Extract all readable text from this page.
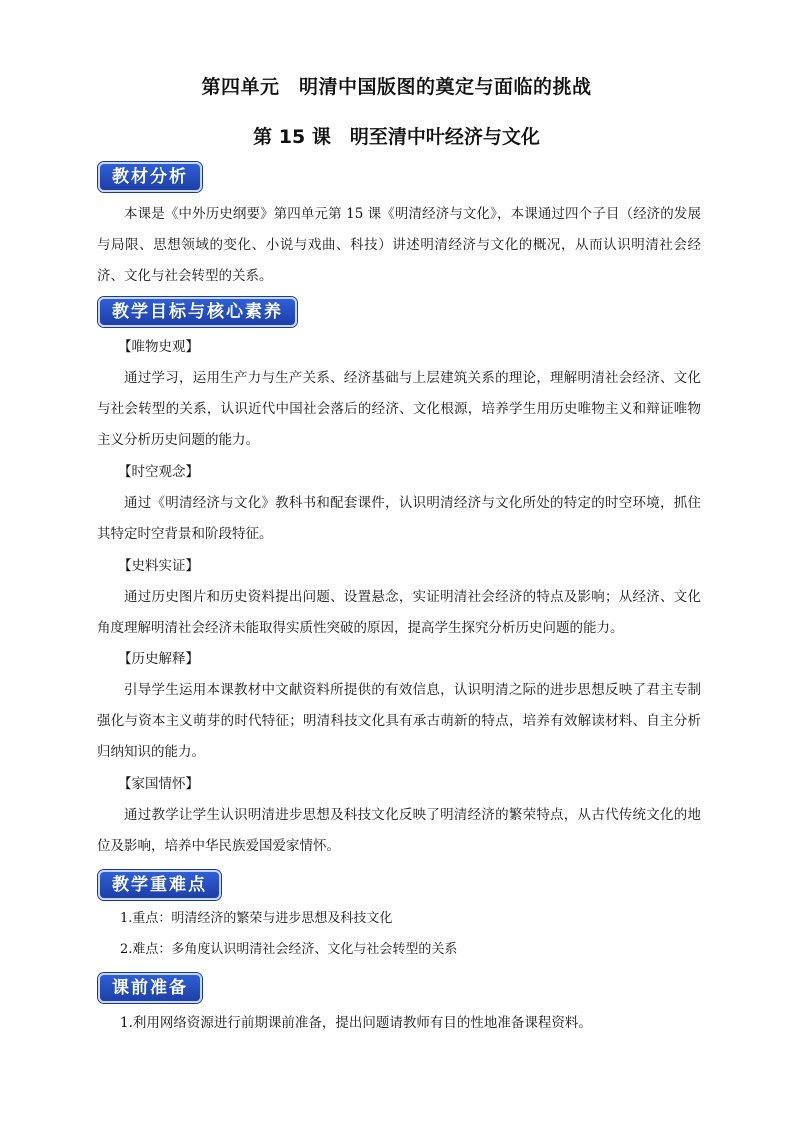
第四单元　明清中国版图的奠定与面临的挑战
第 15 课　明至清中叶经济与文化
教材分析
本课是《中外历史纲要》第四单元第 15 课《明清经济与文化》，本课通过四个子目（经济的发展与局限、思想领域的变化、小说与戏曲、科技）讲述明清经济与文化的概况，从而认识明清社会经济、文化与社会转型的关系。
教学目标与核心素养
【唯物史观】
通过学习，运用生产力与生产关系、经济基础与上层建筑关系的理论，理解明清社会经济、文化与社会转型的关系，认识近代中国社会落后的经济、文化根源，培养学生用历史唯物主义和辩证唯物主义分析历史问题的能力。
【时空观念】
通过《明清经济与文化》教科书和配套课件，认识明清经济与文化所处的特定的时空环境，抓住其特定时空背景和阶段特征。
【史料实证】
通过历史图片和历史资料提出问题、设置悬念，实证明清社会经济的特点及影响；从经济、文化角度理解明清社会经济未能取得实质性突破的原因，提高学生探究分析历史问题的能力。
【历史解释】
引导学生运用本课教材中文献资料所提供的有效信息，认识明清之际的进步思想反映了君主专制强化与资本主义萌芽的时代特征；明清科技文化具有承古萌新的特点，培养有效解读材料、自主分析归纳知识的能力。
【家国情怀】
通过教学让学生认识明清进步思想及科技文化反映了明清经济的繁荣特点，从古代传统文化的地位及影响，培养中华民族爱国爱家情怀。
教学重难点
1.重点：明清经济的繁荣与进步思想及科技文化
2.难点：多角度认识明清社会经济、文化与社会转型的关系
课前准备
1.利用网络资源进行前期课前准备，提出问题请教师有目的性地准备课程资料。
